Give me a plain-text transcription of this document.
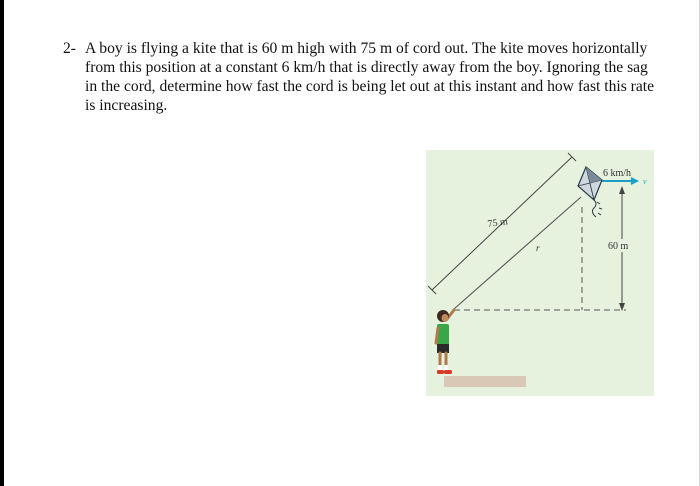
2- A boy is flying a kite that is 60 m high with 75 m of cord out. The kite moves horizontally from this position at a constant 6 km/h that is directly away from the boy. Ignoring the sag in the cord, determine how fast the cord is being let out at this instant and how fast this rate is increasing.
75 m
r	60 m
6 km/h
v
